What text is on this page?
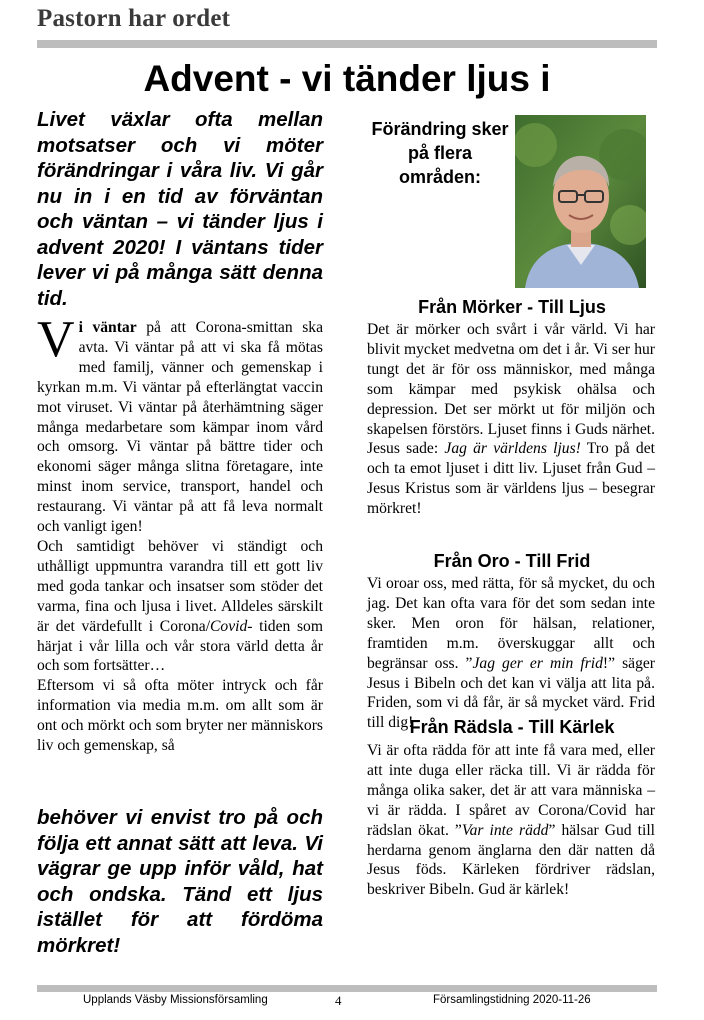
Pastorn har ordet
Advent - vi tänder ljus i
Livet växlar ofta mellan motsatser och vi möter förändringar i våra liv. Vi går nu in i en tid av förväntan och väntan – vi tänder ljus i advent 2020! I väntans tider lever vi på många sätt denna tid.

Vi väntar på att Corona-smittan ska avta. Vi väntar på att vi ska få mötas med familj, vänner och gemenskap i kyrkan m.m. Vi väntar på efterlängtat vaccin mot viruset. Vi väntar på återhämtning säger många medarbetare som kämpar inom vård och omsorg. Vi väntar på bättre tider och ekonomi säger många slitna företagare, inte minst inom service, transport, handel och restaurang. Vi väntar på att få leva normalt och vanligt igen!

Och samtidigt behöver vi ständigt och uthålligt uppmuntra varandra till ett gott liv med goda tankar och insatser som stöder det varma, fina och ljusa i livet. Alldeles särskilt är det värdefullt i Corona/Covid- tiden som härjat i vår lilla och vår stora värld detta år och som fortsätter…

Eftersom vi så ofta möter intryck och får information via media m.m. om allt som är ont och mörkt och som bryter ner människors liv och gemenskap, så

behöver vi envist tro på och följa ett annat sätt att leva. Vi vägrar ge upp inför våld, hat och ondska. Tänd ett ljus istället för att fördöma mörkret!
Förändring sker på flera områden:
Från Mörker - Till Ljus

Det är mörker och svårt i vår värld. Vi har blivit mycket medvetna om det i år. Vi ser hur tungt det är för oss människor, med många som kämpar med psykisk ohälsa och depression. Det ser mörkt ut för miljön och skapelsen förstörs. Ljuset finns i Guds närhet. Jesus sade: Jag är världens ljus! Tro på det och ta emot ljuset i ditt liv. Ljuset från Gud – Jesus Kristus som är världens ljus – besegrar mörkret!

Från Oro - Till Frid

Vi oroar oss, med rätta, för så mycket, du och jag. Det kan ofta vara för det som sedan inte sker. Men oron för hälsan, relationer, framtiden m.m. överskuggar allt och begränsar oss. ”Jag ger er min frid!” säger Jesus i Bibeln och det kan vi välja att lita på. Friden, som vi då får, är så mycket värd. Frid till dig!

Från Rädsla - Till Kärlek

Vi är ofta rädda för att inte få vara med, eller att inte duga eller räcka till. Vi är rädda för många olika saker, det är att vara människa – vi är rädda. I spåret av Corona/Covid har rädslan ökat. ”Var inte rädd” hälsar Gud till herdarna genom änglarna den där natten då Jesus föds. Kärleken fördriver rädslan, beskriver Bibeln. Gud är kärlek!

Upplands Väsby Missionsförsamling	4	Församlingstidning 2020-11-26
